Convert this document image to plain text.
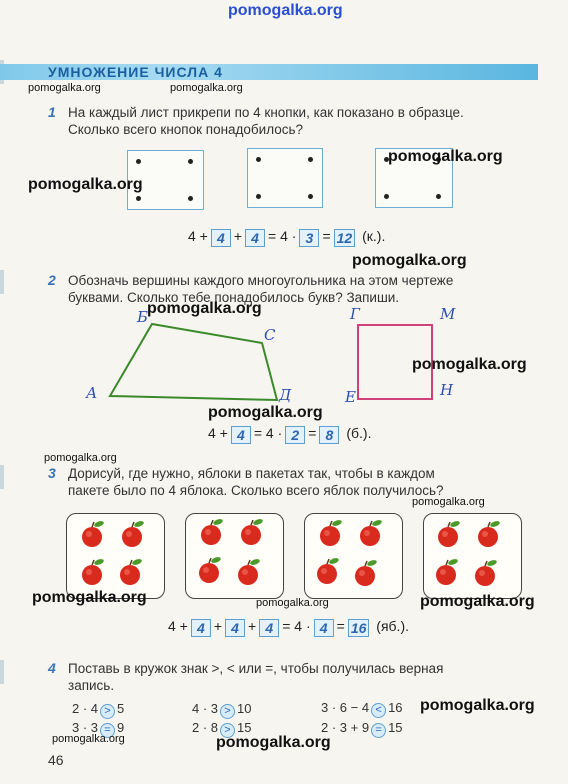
pomogalka.org
УМНОЖЕНИЕ ЧИСЛА 4
pomogalka.org	pomogalka.org
1 На каждый лист прикрепи по 4 кнопки, как показано в образце.
Сколько всего кнопок понадобилось?
pomogalka.org
pomogalka.org
4 + 4 + 4 = 4 · 3 = 12 (к.).
pomogalka.org
2 Обозначь вершины каждого многоугольника на этом чертеже
буквами. Сколько тебе понадобилось букв? Запиши.
pomogalka.org
Б
С
А	Д
Г	М
Е	Н
pomogalka.org
pomogalka.org
4 + 4 = 4 · 2 = 8 (б.).
pomogalka.org
3 Дорисуй, где нужно, яблоки в пакетах так, чтобы в каждом
пакете было по 4 яблока. Сколько всего яблок получилось?
pomogalka.org
pomogalka.org	pomogalka.org	pomogalka.org
4 + 4 + 4 + 4 = 4 · 4 = 16 (яб.).
4 Поставь в кружок знак >, < или =, чтобы получилась верная
запись.
2 · 4 > 5	4 · 3 > 10	3 · 6 − 4 < 16
3 · 3 = 9	2 · 8 > 15	2 · 3 + 9 = 15
pomogalka.org
pomogalka.org	pomogalka.org
46
